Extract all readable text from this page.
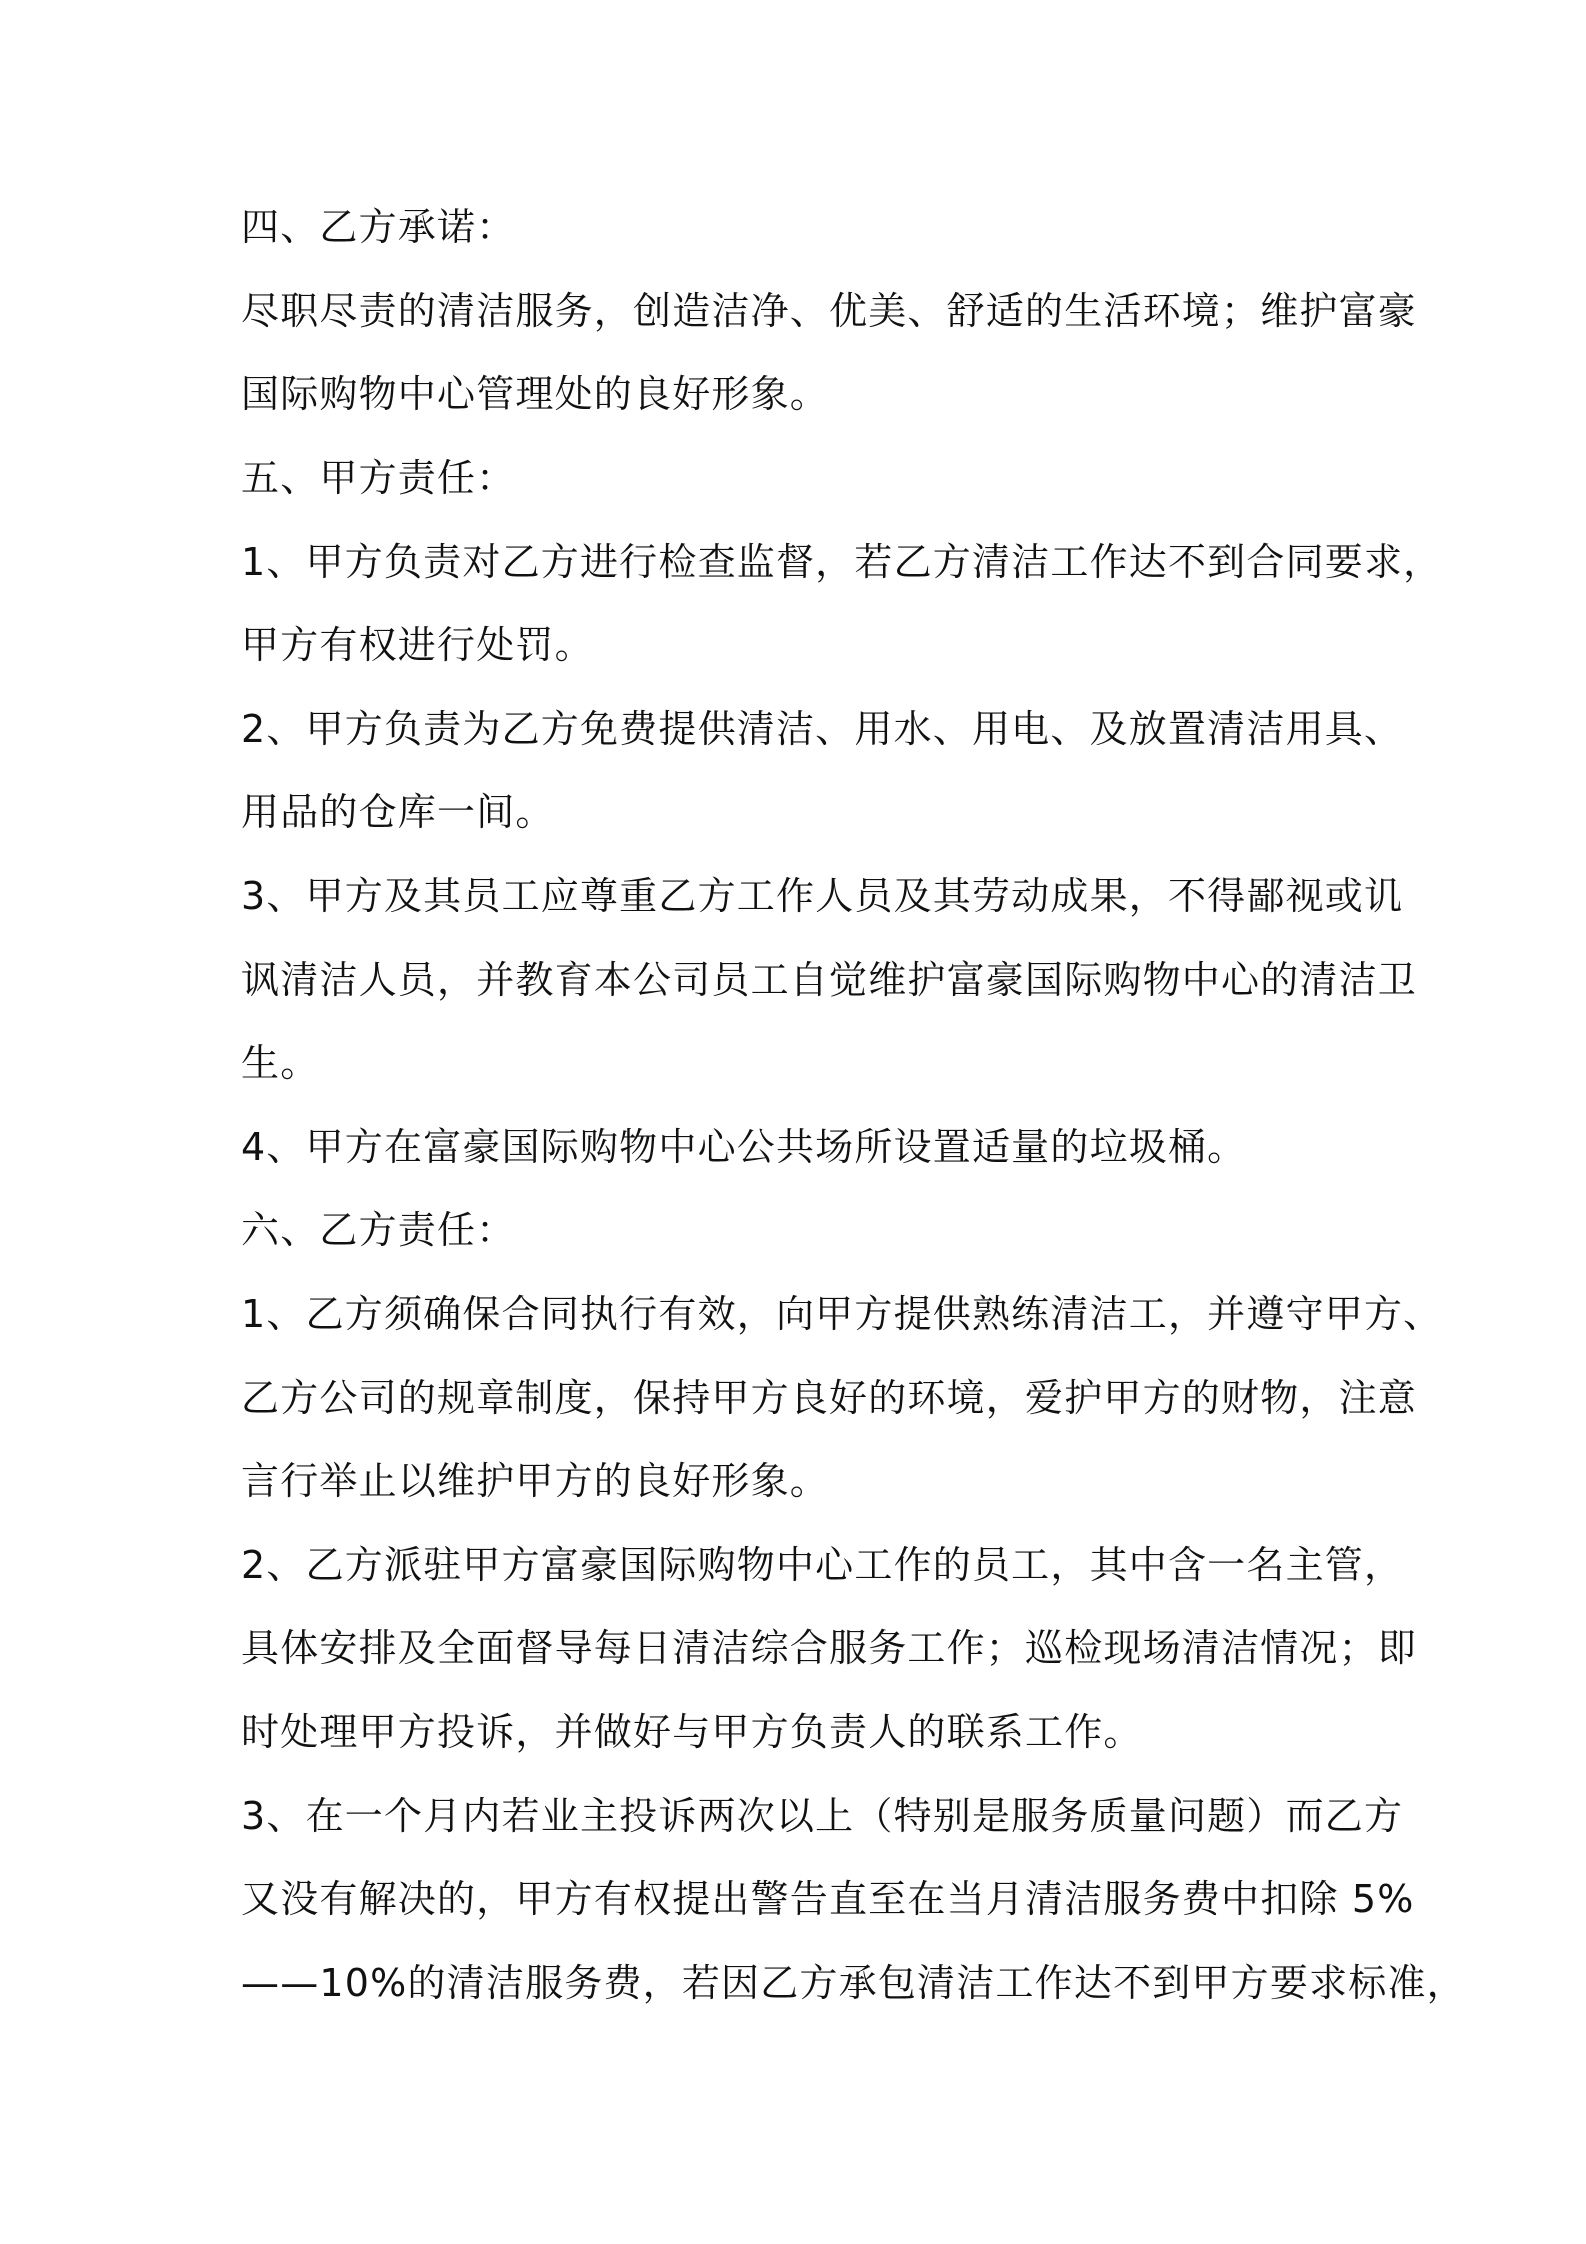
四、乙方承诺：
尽职尽责的清洁服务，创造洁净、优美、舒适的生活环境；维护富豪
国际购物中心管理处的良好形象。
五、甲方责任：
1、甲方负责对乙方进行检查监督，若乙方清洁工作达不到合同要求，
甲方有权进行处罚。
2、甲方负责为乙方免费提供清洁、用水、用电、及放置清洁用具、
用品的仓库一间。
3、甲方及其员工应尊重乙方工作人员及其劳动成果，不得鄙视或讥
讽清洁人员，并教育本公司员工自觉维护富豪国际购物中心的清洁卫
生。
4、甲方在富豪国际购物中心公共场所设置适量的垃圾桶。
六、乙方责任：
1、乙方须确保合同执行有效，向甲方提供熟练清洁工，并遵守甲方、
乙方公司的规章制度，保持甲方良好的环境，爱护甲方的财物，注意
言行举止以维护甲方的良好形象。
2、乙方派驻甲方富豪国际购物中心工作的员工，其中含一名主管，
具体安排及全面督导每日清洁综合服务工作；巡检现场清洁情况；即
时处理甲方投诉，并做好与甲方负责人的联系工作。
3、在一个月内若业主投诉两次以上（特别是服务质量问题）而乙方
又没有解决的，甲方有权提出警告直至在当月清洁服务费中扣除 5%
——10%的清洁服务费，若因乙方承包清洁工作达不到甲方要求标准，
